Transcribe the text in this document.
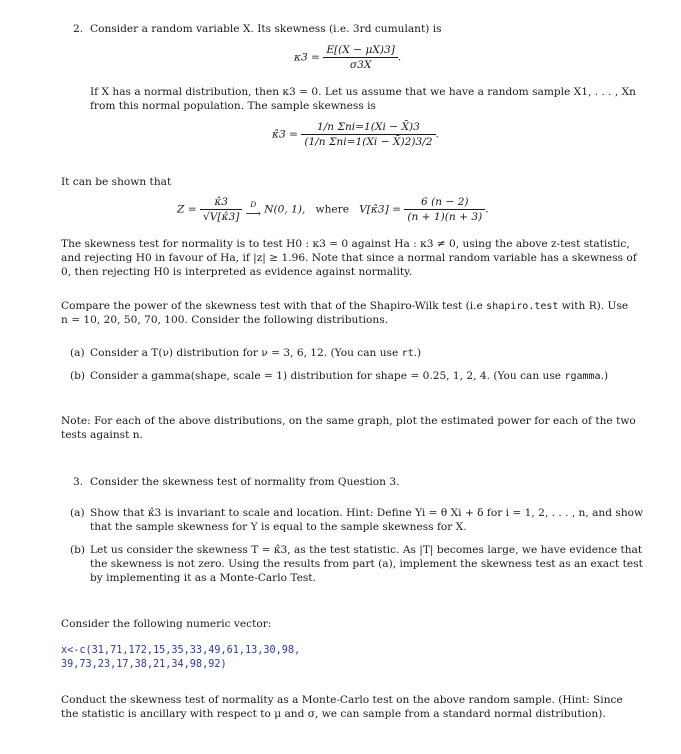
2. Consider a random variable X. Its skewness (i.e. 3rd cumulant) is
$\kappa 3 = \frac{E[(X - \mu X)3]}{\sigma 3X}$ .
If X has a normal distribution, then κ3 = 0. Let us assume that we have a random sample X1, . . . , Xn
from this normal population. The sample skewness is
κ̂3 = $\frac{\text{1/n Σni=1(Xi − X̄)3}}{\text{(1/n Σni=1(Xi − X̄)2)3/2}}$ .
It can be shown that
$Z = \frac{\kappâ3}{√V[\kappâ3]}$
	D
⟶ N(0, 1), where V[κ̂3] = $\frac{6 (n - 2)}{(n + 1)(n + 3)}$ .
The skewness test for normality is to test H0 : κ3 = 0 against Ha : κ3 ≠ 0, using the above z-test statistic,
and rejecting H0 in favour of Ha, if |z| ≥ 1.96. Note that since a normal random variable has a skewness of
0, then rejecting H0 is interpreted as evidence against normality.
Compare the power of the skewness test with that of the Shapiro-Wilk test (i.e shapiro.test with R). Use
n = 10, 20, 50, 70, 100. Consider the following distributions.
(a) Consider a T(ν) distribution for ν = 3, 6, 12. (You can use rt.)
(b) Consider a gamma(shape, scale = 1) distribution for shape = 0.25, 1, 2, 4. (You can use rgamma.)
Note: For each of the above distributions, on the same graph, plot the estimated power for each of the two
tests against n.
3. Consider the skewness test of normality from Question 3.
(a) Show that κ̂3 is invariant to scale and location. Hint: Define Yi = θ Xi + δ for i = 1, 2, . . . , n, and show
that the sample skewness for Y is equal to the sample skewness for X.
(b) Let us consider the skewness T = κ̂3, as the test statistic. As |T| becomes large, we have evidence that
the skewness is not zero. Using the results from part (a), implement the skewness test as an exact test
by implementing it as a Monte-Carlo Test.
Consider the following numeric vector:
x<-c(31,71,172,15,35,33,49,61,13,30,98,
39,73,23,17,38,21,34,98,92)
Conduct the skewness test of normality as a Monte-Carlo test on the above random sample. (Hint: Since
the statistic is ancillary with respect to μ and σ, we can sample from a standard normal distribution).
